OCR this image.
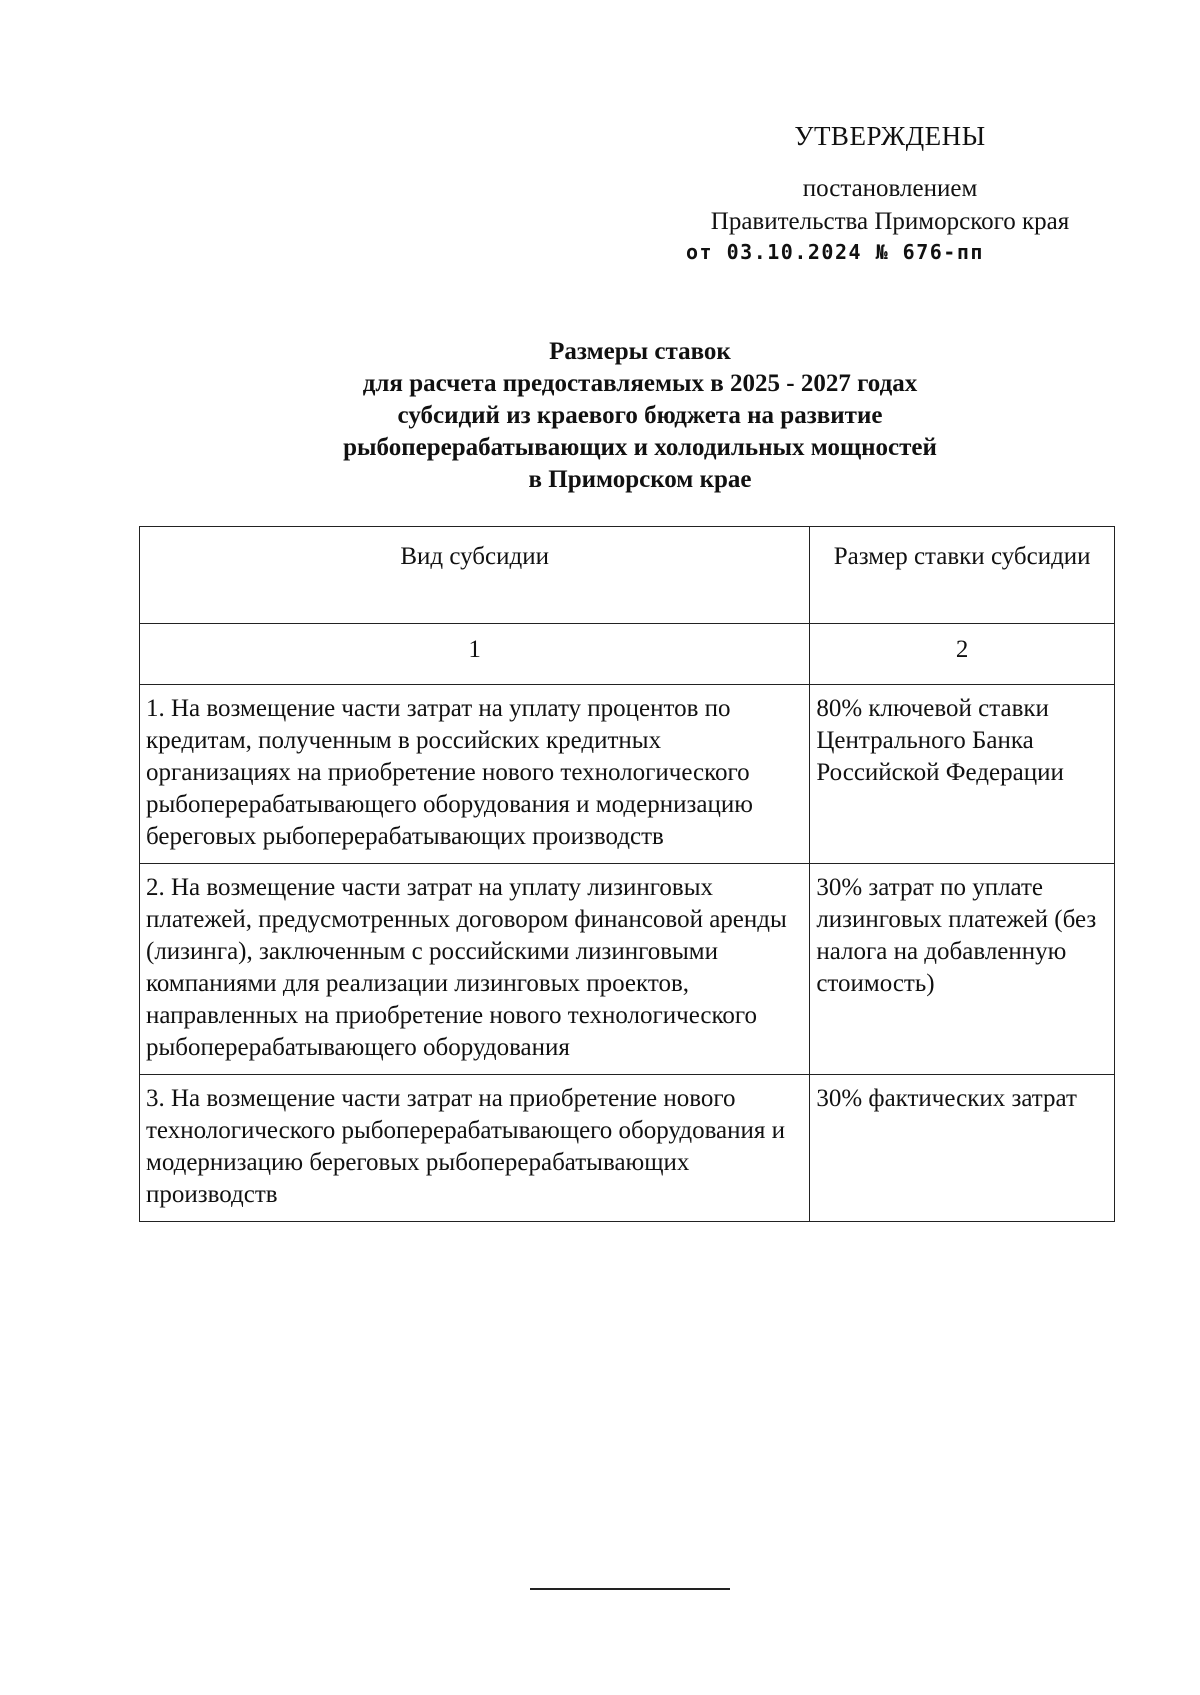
УТВЕРЖДЕНЫ
постановлением
Правительства Приморского края
от 03.10.2024 № 676-пп
Размеры ставок
для расчета предоставляемых в 2025 - 2027 годах
субсидий из краевого бюджета на развитие
рыбоперерабатывающих и холодильных мощностей
в Приморском крае
Вид субсидии	Размер ставки субсидии
1	2
1. На возмещение части затрат на уплату процентов по кредитам, полученным в российских кредитных организациях на приобретение нового технологического рыбоперерабатывающего оборудования и модернизацию береговых рыбоперерабатывающих производств	80% ключевой ставки Центрального Банка Российской Федерации
2. На возмещение части затрат на уплату лизинговых платежей, предусмотренных договором финансовой аренды (лизинга), заключенным с российскими лизинговыми компаниями для реализации лизинговых проектов, направленных на приобретение нового технологического рыбоперерабатывающего оборудования	30% затрат по уплате лизинговых платежей (без налога на добавленную стоимость)
3. На возмещение части затрат на приобретение нового технологического рыбоперерабатывающего оборудования и модернизацию береговых рыбоперерабатывающих производств	30% фактических затрат
